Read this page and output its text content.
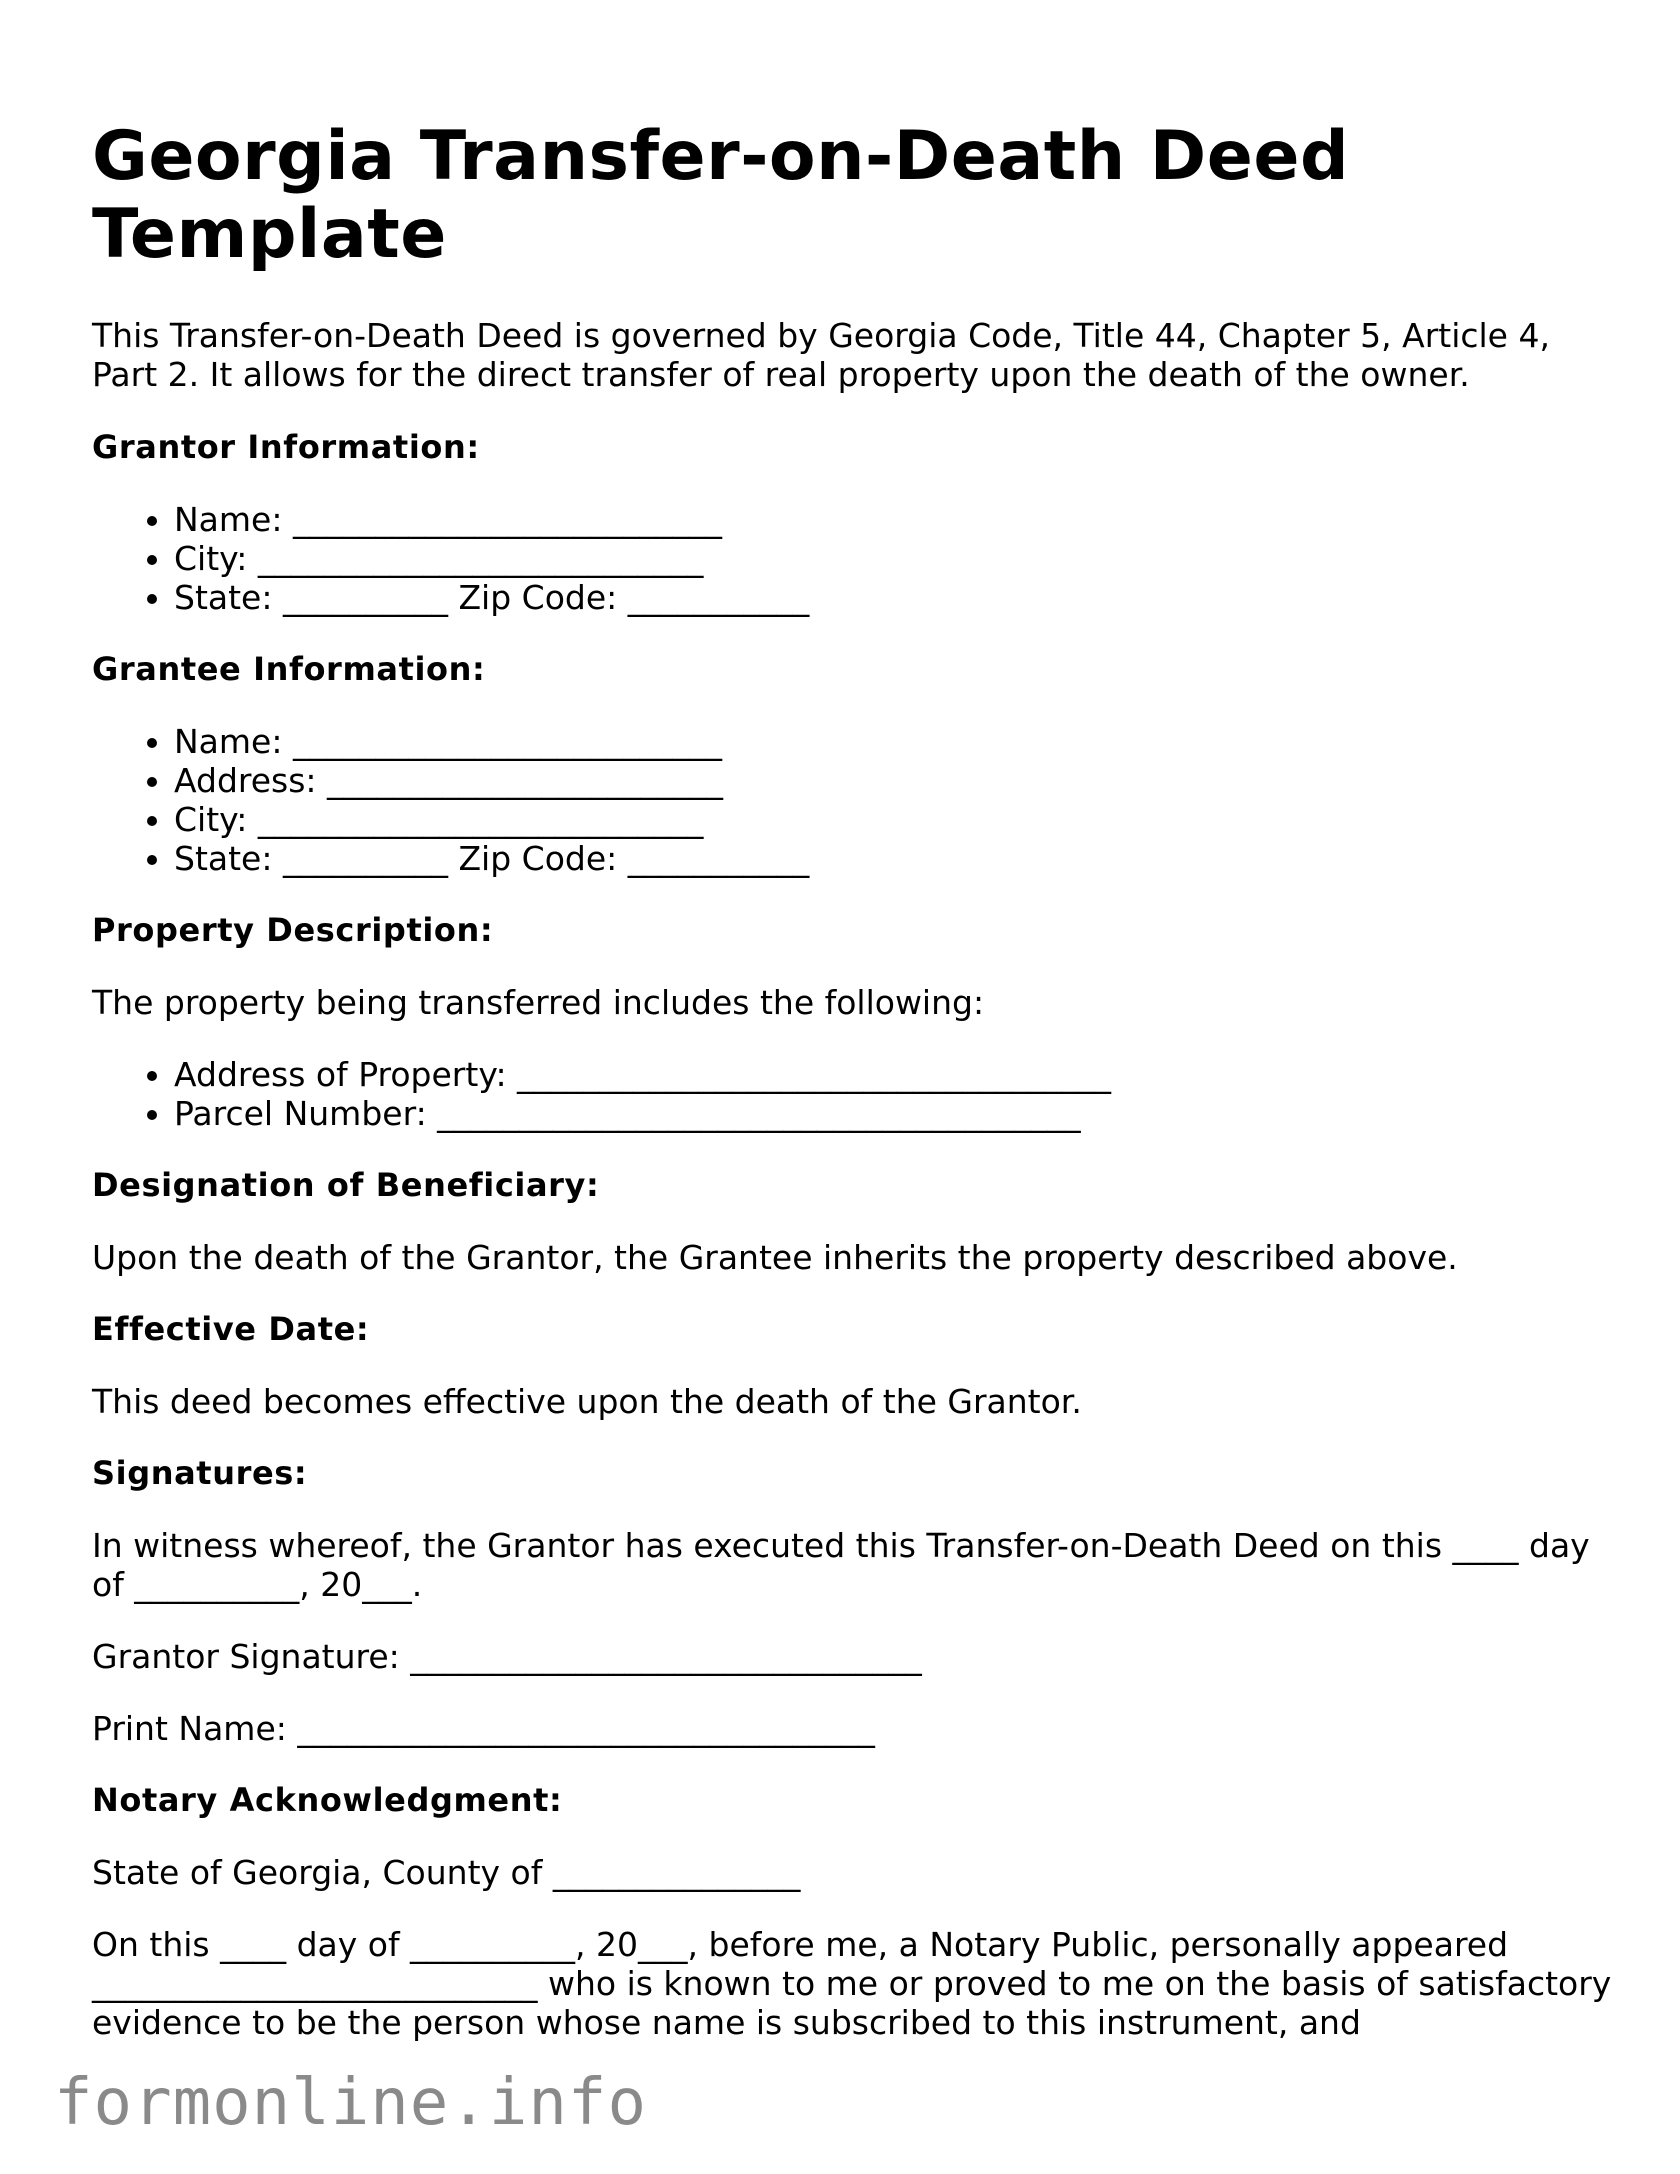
Georgia Transfer-on-Death Deed Template

This Transfer-on-Death Deed is governed by Georgia Code, Title 44, Chapter 5, Article 4, Part 2. It allows for the direct transfer of real property upon the death of the owner.

Grantor Information:
• Name: __________________________
• City: ___________________________
• State: __________ Zip Code: ___________
Grantee Information:
• Name: __________________________
• Address: ________________________
• City: ___________________________
• State: __________ Zip Code: ___________
Property Description:

The property being transferred includes the following:

• Address of Property: ____________________________________
• Parcel Number: _______________________________________
Designation of Beneficiary:

Upon the death of the Grantor, the Grantee inherits the property described above.

Effective Date:

This deed becomes effective upon the death of the Grantor.

Signatures:

In witness whereof, the Grantor has executed this Transfer-on-Death Deed on this ____ day of __________, 20___.

Grantor Signature: _______________________________

Print Name: ___________________________________

Notary Acknowledgment:

State of Georgia, County of _______________

On this ____ day of __________, 20___, before me, a Notary Public, personally appeared ___________________________ who is known to me or proved to me on the basis of satisfactory evidence to be the person whose name is subscribed to this instrument, and

formonline.info
